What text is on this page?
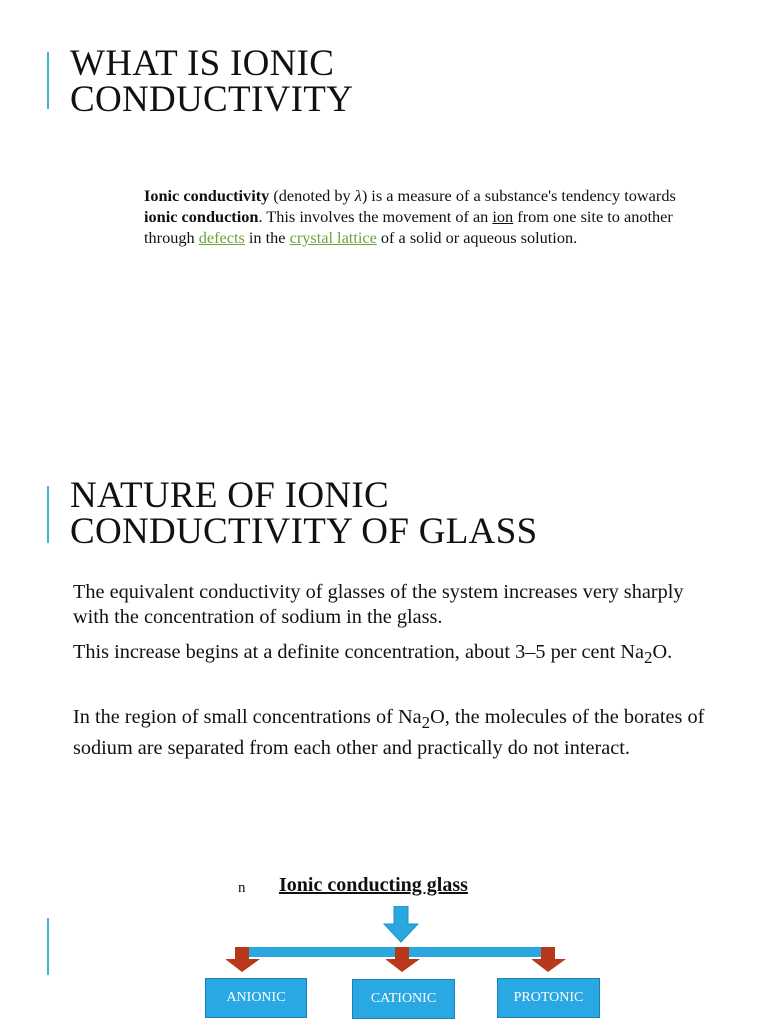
WHAT IS IONIC
CONDUCTIVITY

Ionic conductivity (denoted by λ) is a measure of a substance's tendency towards ionic conduction. This involves the movement of an ion from one site to another through defects in the crystal lattice of a solid or aqueous solution.

NATURE OF IONIC
CONDUCTIVITY OF GLASS

The equivalent conductivity of glasses of the system increases very sharply with the concentration of sodium in the glass.

This increase begins at a definite concentration, about 3–5 per cent $Na_2O$.

In the region of small concentrations of $Na_2O$, the molecules of the borates of sodium are separated from each other and practically do not interact.

n Ionic conducting glass
ANIONIC	CATIONIC	PROTONIC
